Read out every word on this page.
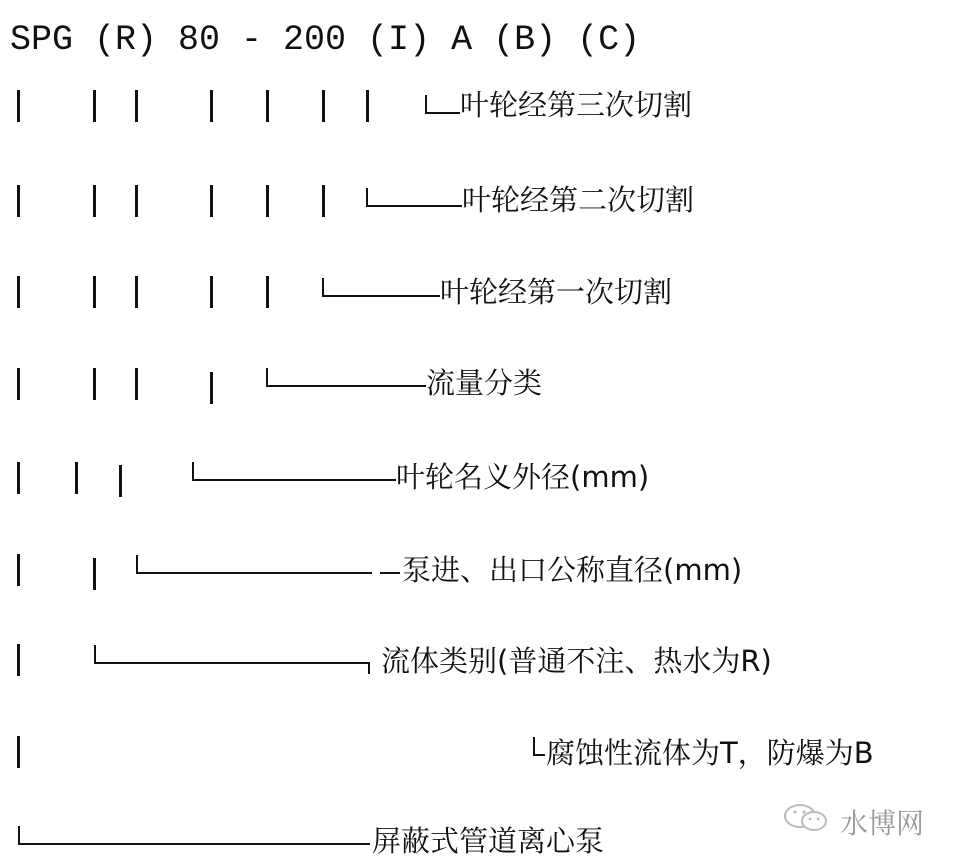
SPG (R) 80 - 200 (I) A (B) (C)
叶轮经第三次切割
叶轮经第二次切割
叶轮经第一次切割
流量分类
叶轮名义外径(mm)
泵进、出口公称直径(mm)
流体类别(普通不注、热水为R)
腐蚀性流体为T，防爆为B
屏蔽式管道离心泵
水博网
